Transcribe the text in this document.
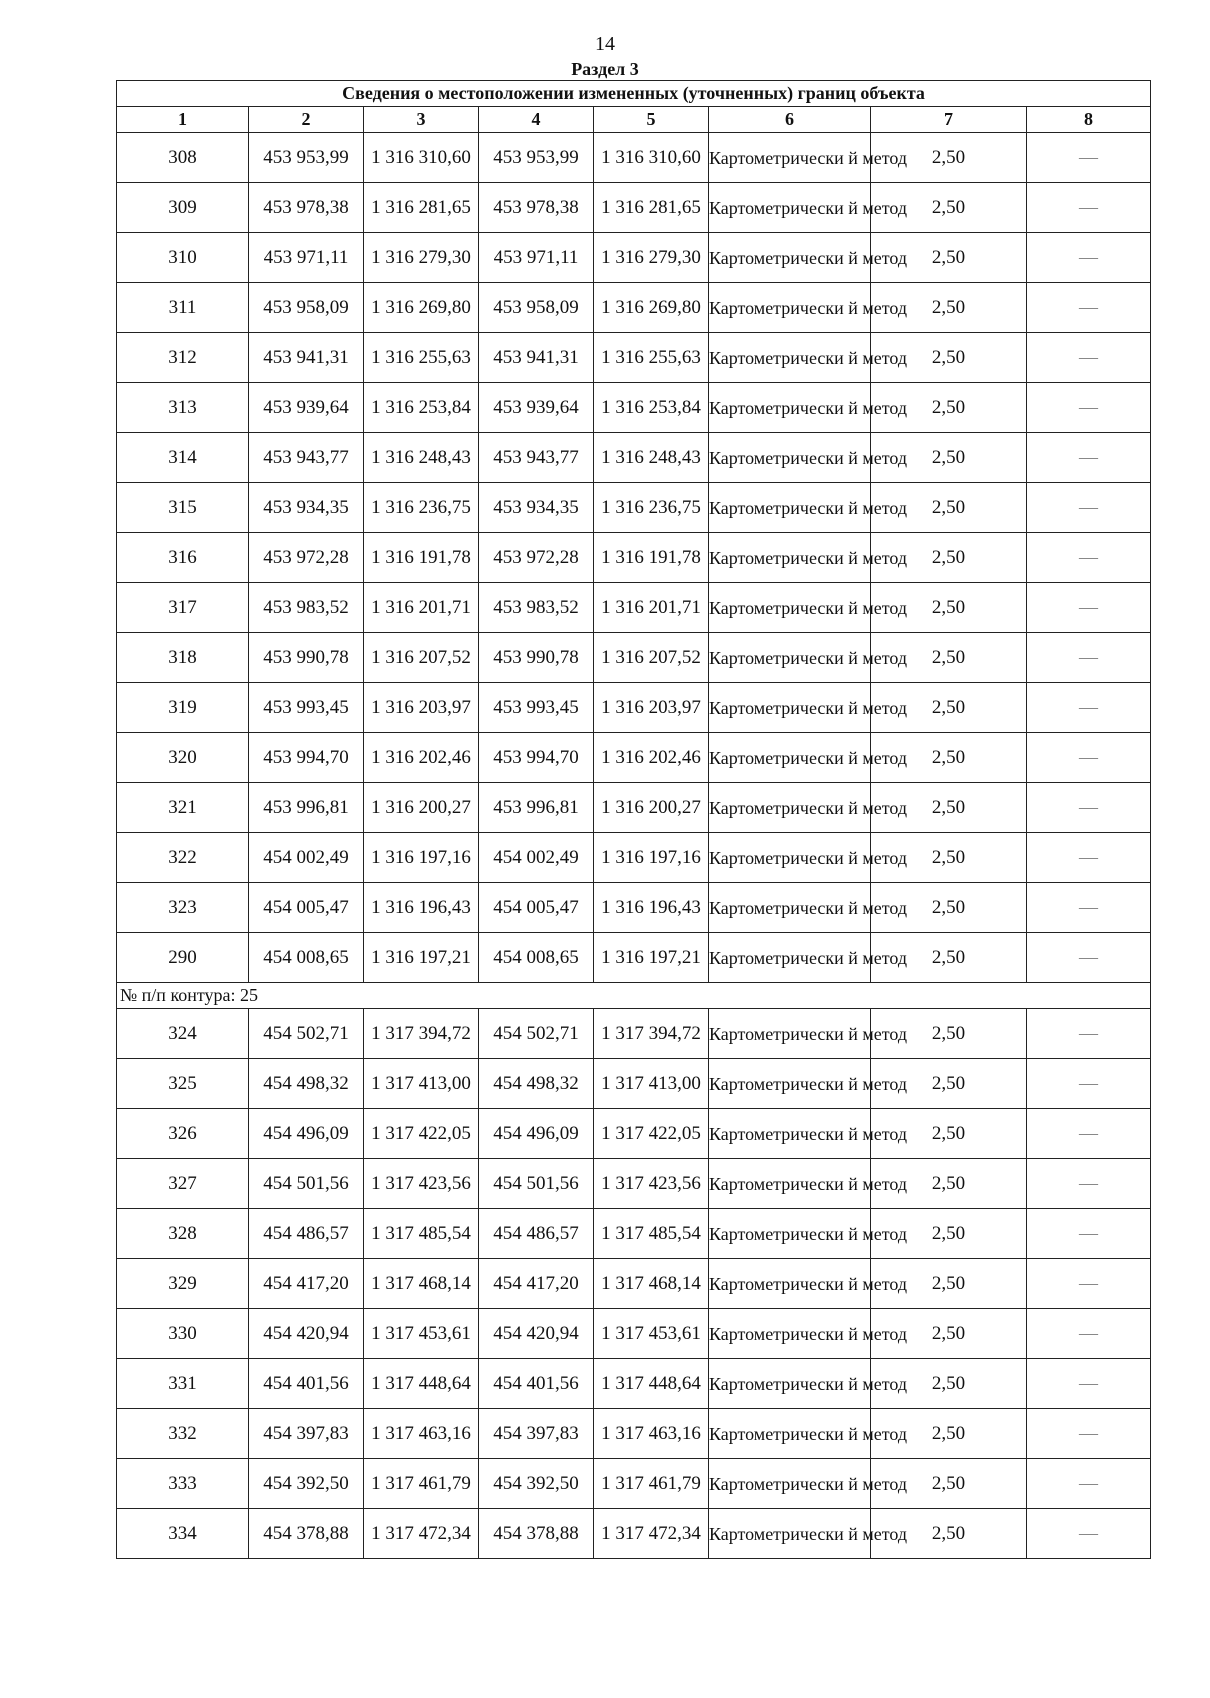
14
Раздел 3
Сведения о местоположении измененных (уточненных) границ объекта							
1	2	3	4	5	6	7	8
308	453 953,99	1 316 310,60	453 953,99	1 316 310,60	Картометрически й метод	2,50	—
309	453 978,38	1 316 281,65	453 978,38	1 316 281,65	Картометрически й метод	2,50	—
310	453 971,11	1 316 279,30	453 971,11	1 316 279,30	Картометрически й метод	2,50	—
311	453 958,09	1 316 269,80	453 958,09	1 316 269,80	Картометрически й метод	2,50	—
312	453 941,31	1 316 255,63	453 941,31	1 316 255,63	Картометрически й метод	2,50	—
313	453 939,64	1 316 253,84	453 939,64	1 316 253,84	Картометрически й метод	2,50	—
314	453 943,77	1 316 248,43	453 943,77	1 316 248,43	Картометрически й метод	2,50	—
315	453 934,35	1 316 236,75	453 934,35	1 316 236,75	Картометрически й метод	2,50	—
316	453 972,28	1 316 191,78	453 972,28	1 316 191,78	Картометрически й метод	2,50	—
317	453 983,52	1 316 201,71	453 983,52	1 316 201,71	Картометрически й метод	2,50	—
318	453 990,78	1 316 207,52	453 990,78	1 316 207,52	Картометрически й метод	2,50	—
319	453 993,45	1 316 203,97	453 993,45	1 316 203,97	Картометрически й метод	2,50	—
320	453 994,70	1 316 202,46	453 994,70	1 316 202,46	Картометрически й метод	2,50	—
321	453 996,81	1 316 200,27	453 996,81	1 316 200,27	Картометрически й метод	2,50	—
322	454 002,49	1 316 197,16	454 002,49	1 316 197,16	Картометрически й метод	2,50	—
323	454 005,47	1 316 196,43	454 005,47	1 316 196,43	Картометрически й метод	2,50	—
290	454 008,65	1 316 197,21	454 008,65	1 316 197,21	Картометрически й метод	2,50	—
№ п/п контура: 25							
324	454 502,71	1 317 394,72	454 502,71	1 317 394,72	Картометрически й метод	2,50	—
325	454 498,32	1 317 413,00	454 498,32	1 317 413,00	Картометрически й метод	2,50	—
326	454 496,09	1 317 422,05	454 496,09	1 317 422,05	Картометрически й метод	2,50	—
327	454 501,56	1 317 423,56	454 501,56	1 317 423,56	Картометрически й метод	2,50	—
328	454 486,57	1 317 485,54	454 486,57	1 317 485,54	Картометрически й метод	2,50	—
329	454 417,20	1 317 468,14	454 417,20	1 317 468,14	Картометрически й метод	2,50	—
330	454 420,94	1 317 453,61	454 420,94	1 317 453,61	Картометрически й метод	2,50	—
331	454 401,56	1 317 448,64	454 401,56	1 317 448,64	Картометрически й метод	2,50	—
332	454 397,83	1 317 463,16	454 397,83	1 317 463,16	Картометрически й метод	2,50	—
333	454 392,50	1 317 461,79	454 392,50	1 317 461,79	Картометрически й метод	2,50	—
334	454 378,88	1 317 472,34	454 378,88	1 317 472,34	Картометрически й метод	2,50	—
